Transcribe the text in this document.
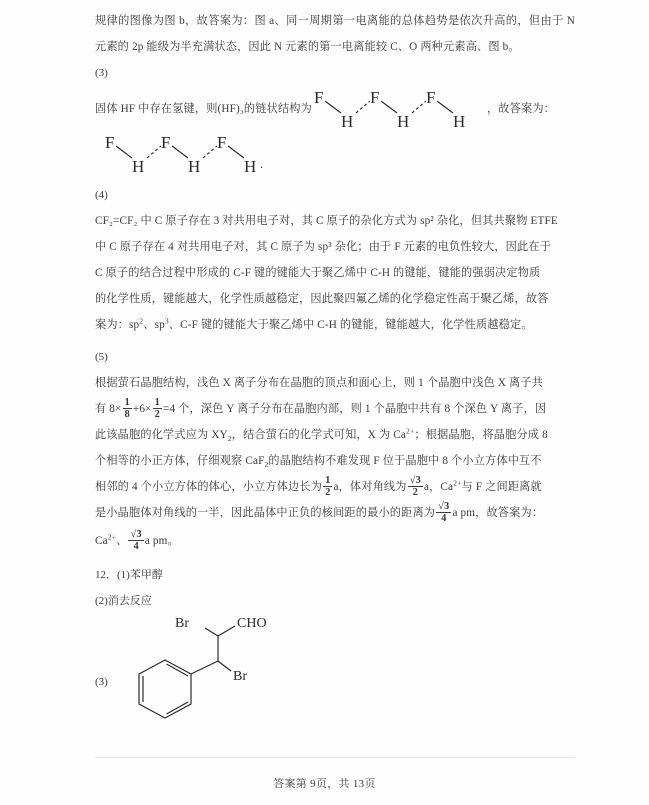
规律的图像为图 b，故答案为：图 a、同一周期第一电离能的总体趋势是依次升高的，但由于 N 元素的 2p 能级为半充满状态，因此 N 元素的第一电离能较 C、O 两种元素高、图 b。

(3)

固体 HF 中存在氢键，则(HF)₃的链状结构为
F
H
F
H
F
H
，故答案为：
F
H
F
H
F
H .

(4)

CF₂=CF₂ 中 C 原子存在 3 对共用电子对，其 C 原子的杂化方式为 sp² 杂化，但其共聚物 ETFE

中 C 原子存在 4 对共用电子对，其 C 原子为 sp³ 杂化；由于 F 元素的电负性较大，因此在于

C 原子的结合过程中形成的 C-F 键的键能大于聚乙烯中 C-H 的键能，键能的强弱决定物质

的化学性质，键能越大，化学性质越稳定，因此聚四氟乙烯的化学稳定性高于聚乙烯，故答

案为：$sp^2$、$sp^3$、C-F 键的键能大于聚乙烯中 C-H 的键能，键能越大，化学性质越稳定。

(5)

根据萤石晶胞结构，浅色 X 离子分布在晶胞的顶点和面心上，则 1 个晶胞中浅色 X 离子共

有 $8\times \frac{1}{8} +6\times \frac{1}{2} =4$ 个，深色 Y 离子分布在晶胞内部，则 1 个晶胞中共有 8 个深色 Y 离子，因

此该晶胞的化学式应为 $XY_2$，结合萤石的化学式可知，X 为 $Ca^{2+}$；根据晶胞，将晶胞分成 8

个相等的小正方体，仔细观察 CaF$_2$的晶胞结构不难发现 F 位于晶胞中 8 个小立方体中互不

相邻的 4 个小立方体的体心，小立方体边长为 $\frac{1}{2}$ a，体对角线为 $\frac{√3}{2}$ a，$Ca^{2+}$与 F 之间距离就

是小晶胞体对角线的一半，因此晶体中正负的核间距的最小的距离为 $\frac{√3}{4}$ a pm，故答案为：

$Ca^{2+}$、 $\frac{√3}{4}$ a pm。

12．(1)苯甲醇

(2)消去反应

(3)
Br	CHO
Br
答案第 9页，共 13页
